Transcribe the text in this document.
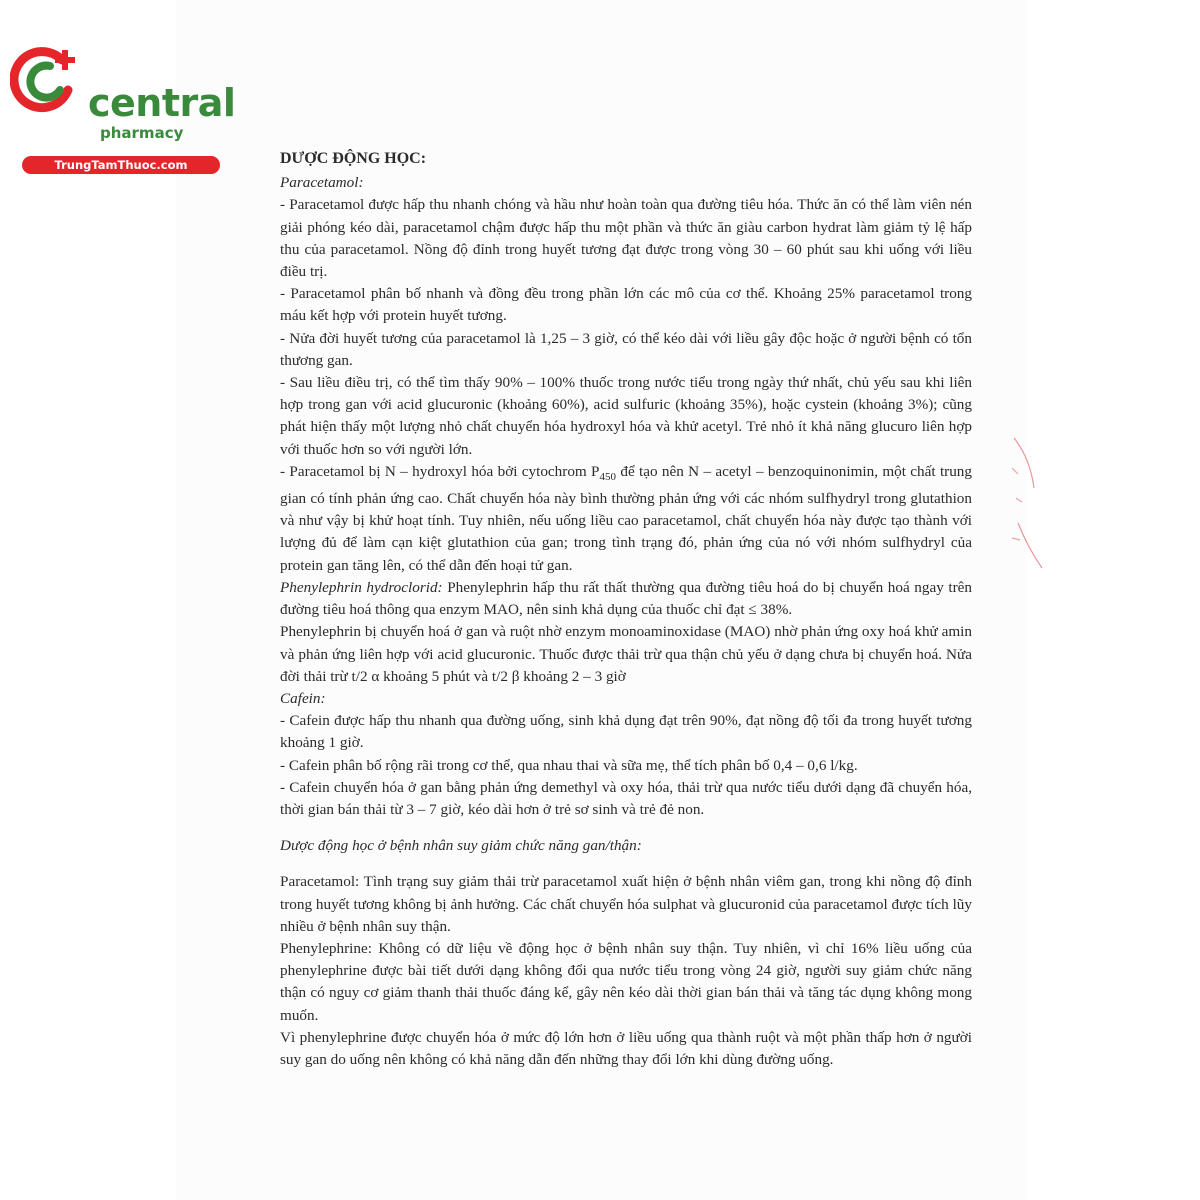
central
pharmacy
TrungTamThuoc.com	DƯỢC ĐỘNG HỌC:

Paracetamol:

- Paracetamol được hấp thu nhanh chóng và hầu như hoàn toàn qua đường tiêu hóa. Thức ăn có thể làm viên nén giải phóng kéo dài, paracetamol chậm được hấp thu một phần và thức ăn giàu carbon hydrat làm giảm tỷ lệ hấp thu của paracetamol. Nồng độ đỉnh trong huyết tương đạt được trong vòng 30 – 60 phút sau khi uống với liều điều trị.

- Paracetamol phân bố nhanh và đồng đều trong phần lớn các mô của cơ thể. Khoảng 25% paracetamol trong máu kết hợp với protein huyết tương.

- Nửa đời huyết tương của paracetamol là 1,25 – 3 giờ, có thể kéo dài với liều gây độc hoặc ở người bệnh có tổn thương gan.

- Sau liều điều trị, có thể tìm thấy 90% – 100% thuốc trong nước tiểu trong ngày thứ nhất, chủ yếu sau khi liên hợp trong gan với acid glucuronic (khoảng 60%), acid sulfuric (khoảng 35%), hoặc cystein (khoảng 3%); cũng phát hiện thấy một lượng nhỏ chất chuyển hóa hydroxyl hóa và khử acetyl. Trẻ nhỏ ít khả năng glucuro liên hợp với thuốc hơn so với người lớn.

- Paracetamol bị N – hydroxyl hóa bởi cytochrom $P_{450}$ để tạo nên N – acetyl – benzoquinonimin, một chất trung gian có tính phản ứng cao. Chất chuyển hóa này bình thường phản ứng với các nhóm sulfhydryl trong glutathion và như vậy bị khử hoạt tính. Tuy nhiên, nếu uống liều cao paracetamol, chất chuyển hóa này được tạo thành với lượng đủ để làm cạn kiệt glutathion của gan; trong tình trạng đó, phản ứng của nó với nhóm sulfhydryl của protein gan tăng lên, có thể dẫn đến hoại tử gan.

Phenylephrin hydroclorid: Phenylephrin hấp thu rất thất thường qua đường tiêu hoá do bị chuyển hoá ngay trên đường tiêu hoá thông qua enzym MAO, nên sinh khả dụng của thuốc chỉ đạt ≤ 38%.

Phenylephrin bị chuyển hoá ở gan và ruột nhờ enzym monoaminoxidase (MAO) nhờ phản ứng oxy hoá khử amin và phản ứng liên hợp với acid glucuronic. Thuốc được thải trừ qua thận chủ yếu ở dạng chưa bị chuyển hoá. Nửa đời thải trừ t/2 α khoảng 5 phút và t/2 β khoảng 2 – 3 giờ

Cafein:

- Cafein được hấp thu nhanh qua đường uống, sinh khả dụng đạt trên 90%, đạt nồng độ tối đa trong huyết tương khoảng 1 giờ.

- Cafein phân bố rộng rãi trong cơ thể, qua nhau thai và sữa mẹ, thể tích phân bố 0,4 – 0,6 l/kg.

- Cafein chuyển hóa ở gan bằng phản ứng demethyl và oxy hóa, thải trừ qua nước tiểu dưới dạng đã chuyển hóa, thời gian bán thải từ 3 – 7 giờ, kéo dài hơn ở trẻ sơ sinh và trẻ đẻ non.

Dược động học ở bệnh nhân suy giảm chức năng gan/thận:

Paracetamol: Tình trạng suy giảm thải trừ paracetamol xuất hiện ở bệnh nhân viêm gan, trong khi nồng độ đỉnh trong huyết tương không bị ảnh hưởng. Các chất chuyển hóa sulphat và glucuronid của paracetamol được tích lũy nhiều ở bệnh nhân suy thận.

Phenylephrine: Không có dữ liệu về động học ở bệnh nhân suy thận. Tuy nhiên, vì chỉ 16% liều uống của phenylephrine được bài tiết dưới dạng không đổi qua nước tiểu trong vòng 24 giờ, người suy giảm chức năng thận có nguy cơ giảm thanh thải thuốc đáng kể, gây nên kéo dài thời gian bán thải và tăng tác dụng không mong muốn.

Vì phenylephrine được chuyển hóa ở mức độ lớn hơn ở liều uống qua thành ruột và một phần thấp hơn ở người suy gan do uống nên không có khả năng dẫn đến những thay đổi lớn khi dùng đường uống.
